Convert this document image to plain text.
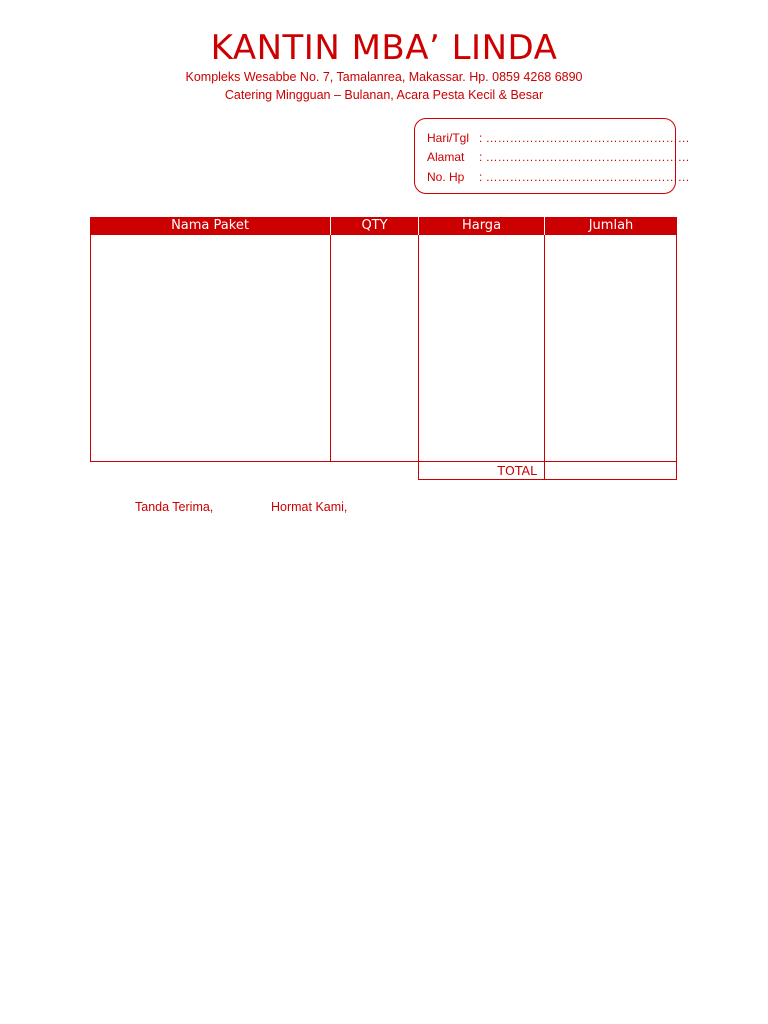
KANTIN MBA’ LINDA
Kompleks Wesabbe No. 7, Tamalanrea, Makassar. Hp. 0859 4268 6890
Catering Mingguan – Bulanan, Acara Pesta Kecil & Besar
Hari/Tgl : ……………………………………………
Alamat : ……………………………………………
No. Hp : ……………………………………………
Nama Paket	QTY	Harga	Jumlah
TOTAL
Tanda Terima,	Hormat Kami,
